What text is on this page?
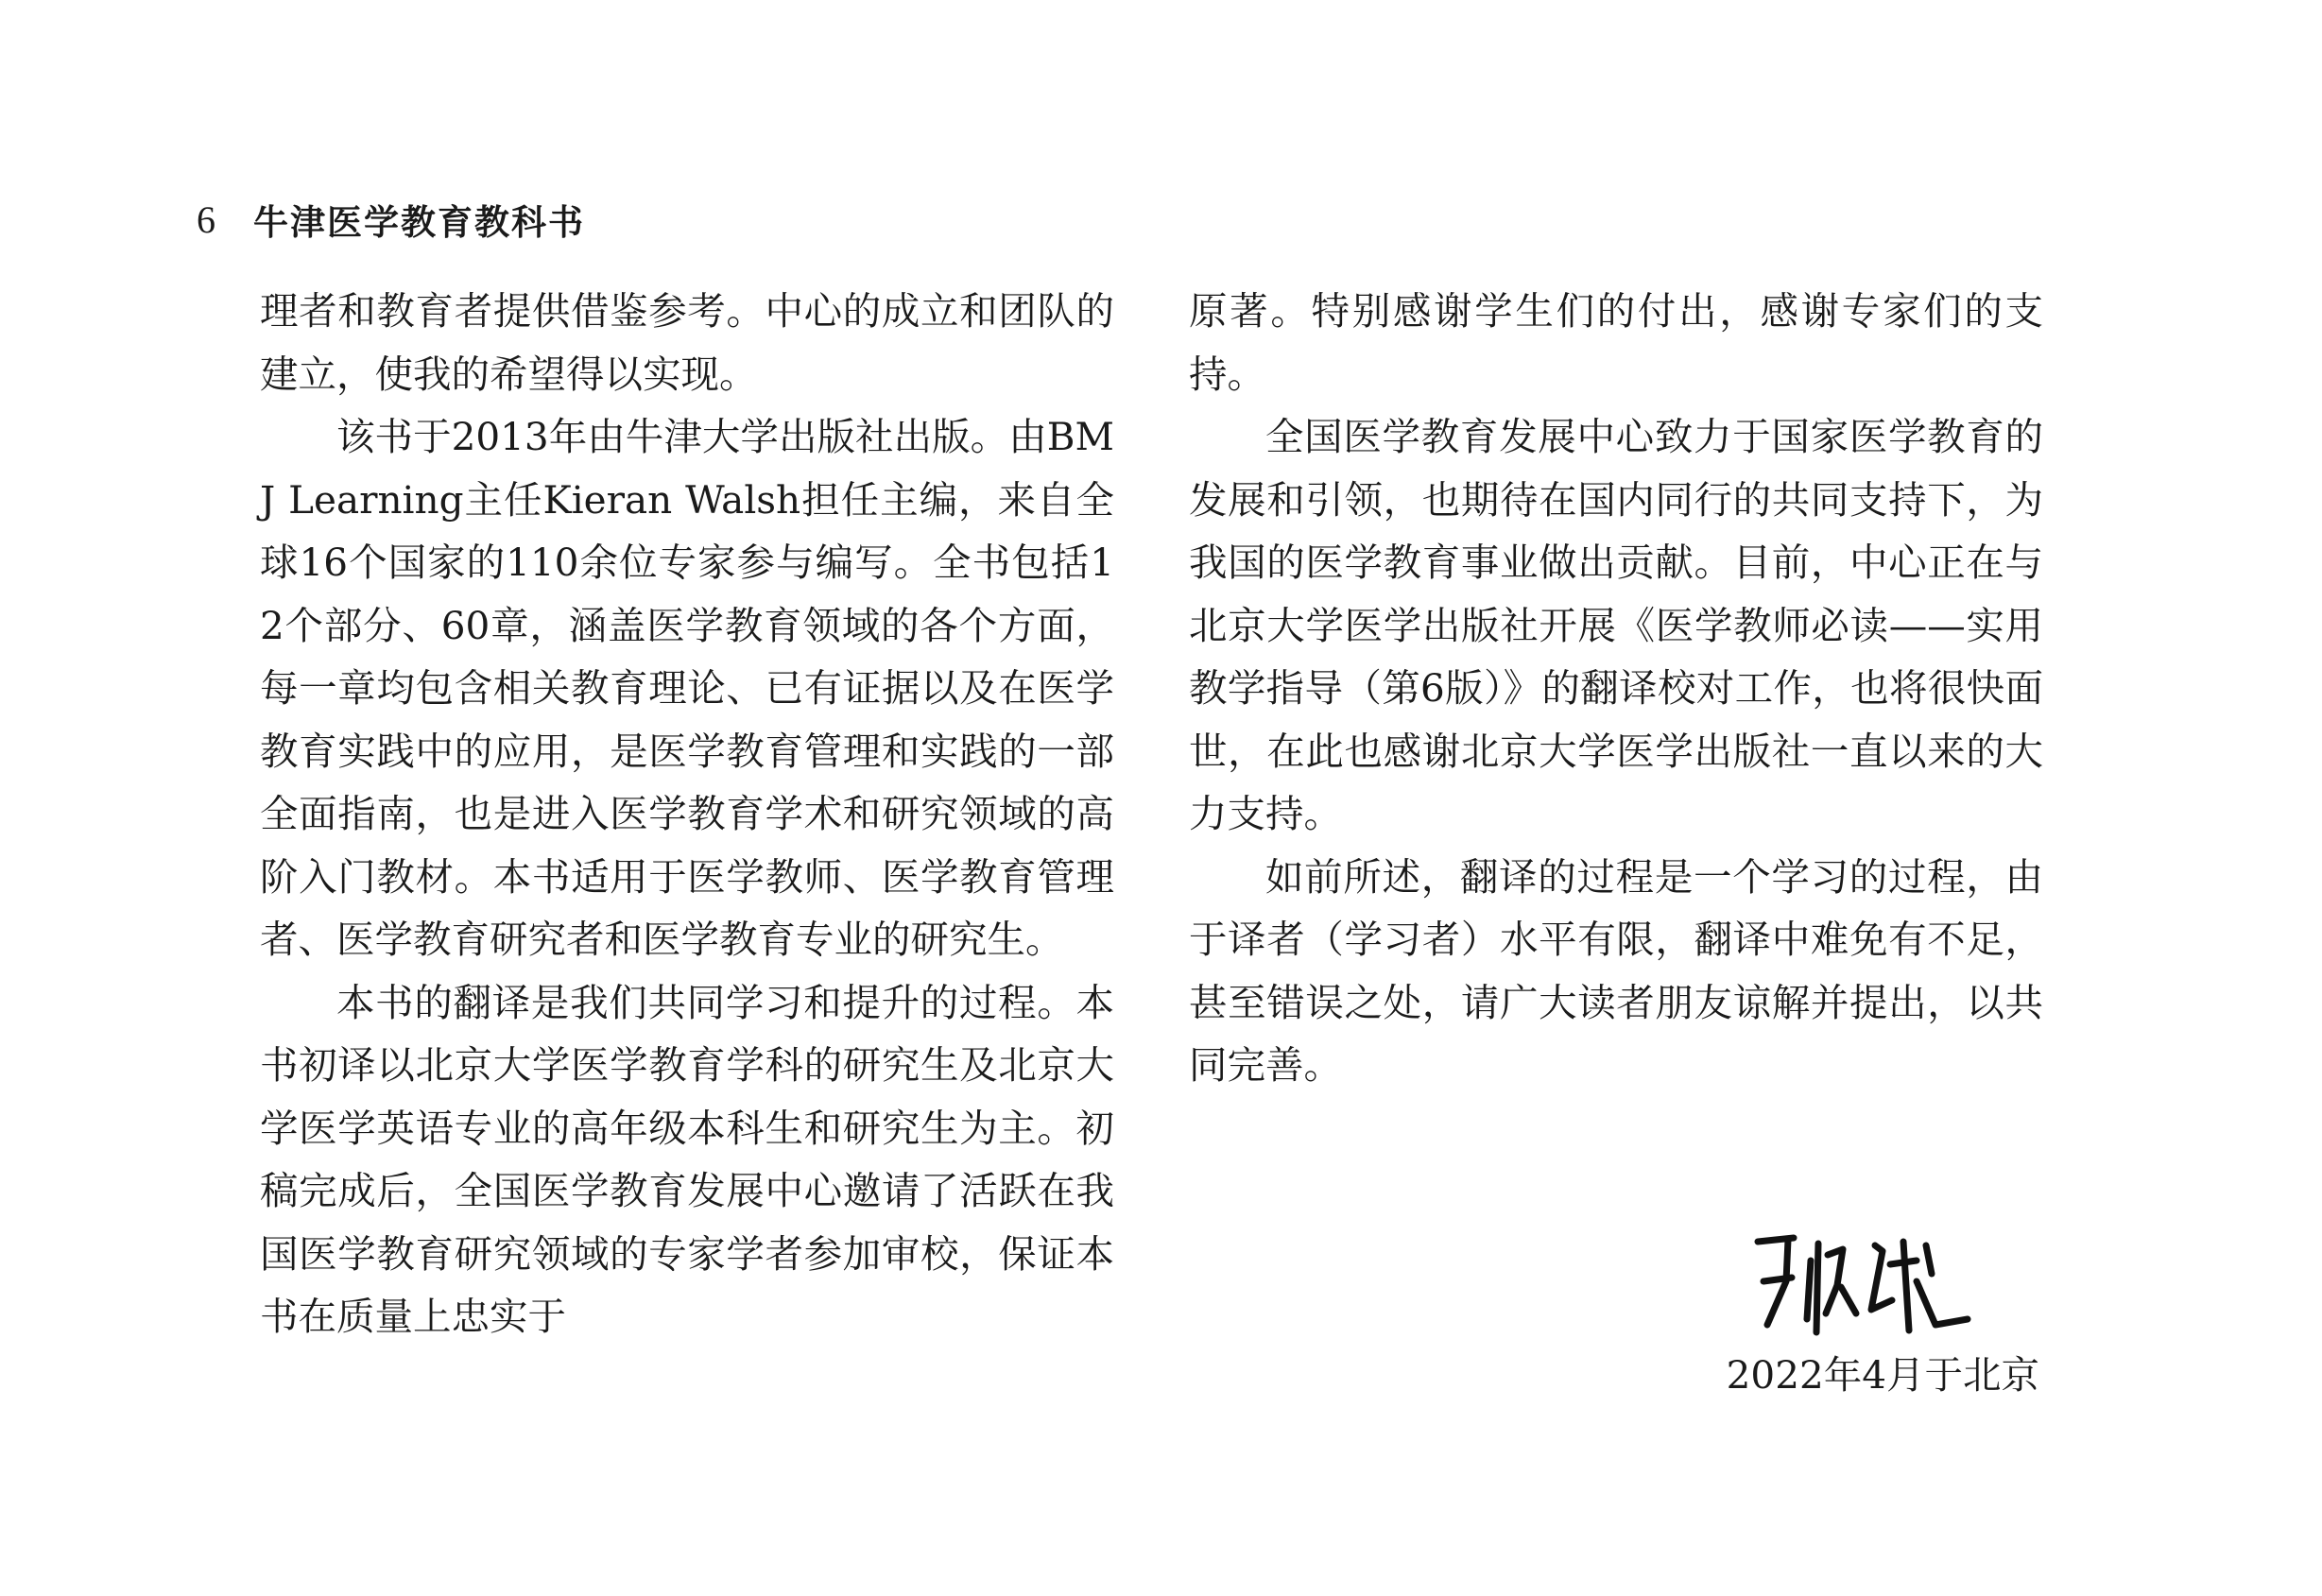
6	牛津医学教育教科书

理者和教育者提供借鉴参考。中心的成立和团队的建立，使我的希望得以实现。

该书于2013年由牛津大学出版社出版。由BMJ Learning主任Kieran Walsh担任主编，来自全球16个国家的110余位专家参与编写。全书包括12个部分、60章，涵盖医学教育领域的各个方面，每一章均包含相关教育理论、已有证据以及在医学教育实践中的应用，是医学教育管理和实践的一部全面指南，也是进入医学教育学术和研究领域的高阶入门教材。本书适用于医学教师、医学教育管理者、医学教育研究者和医学教育专业的研究生。

本书的翻译是我们共同学习和提升的过程。本书初译以北京大学医学教育学科的研究生及北京大学医学英语专业的高年级本科生和研究生为主。初稿完成后，全国医学教育发展中心邀请了活跃在我国医学教育研究领域的专家学者参加审校，保证本书在质量上忠实于

原著。特别感谢学生们的付出，感谢专家们的支持。

全国医学教育发展中心致力于国家医学教育的发展和引领，也期待在国内同行的共同支持下，为我国的医学教育事业做出贡献。目前，中心正在与北京大学医学出版社开展《医学教师必读——实用教学指导（第6版）》的翻译校对工作，也将很快面世，在此也感谢北京大学医学出版社一直以来的大力支持。

如前所述，翻译的过程是一个学习的过程，由于译者（学习者）水平有限，翻译中难免有不足，甚至错误之处，请广大读者朋友谅解并提出，以共同完善。

2022年4月于北京
